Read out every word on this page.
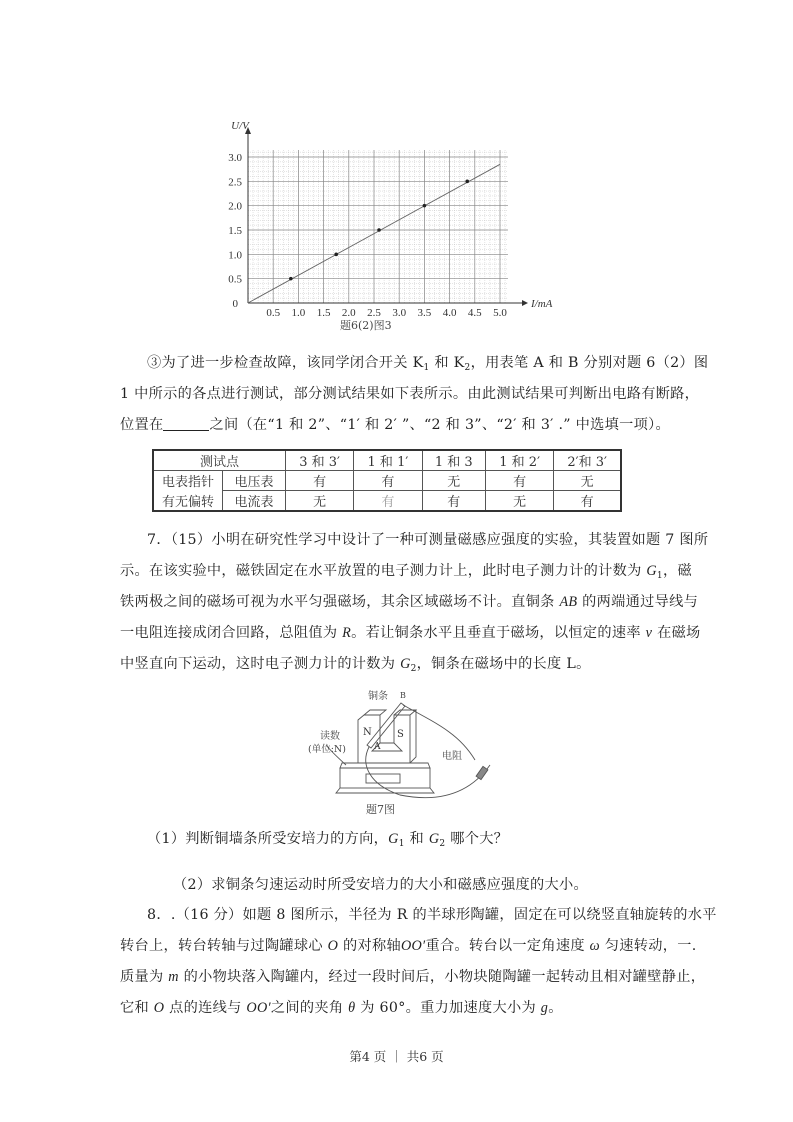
0.5 1.0 1.5 2.0 2.5 3.0 3.5 4.0 4.5 5.0
0.5
1.0
1.5
2.0
2.5
3.0
0	I/mA
U/V
题6(2)图3
③为了进一步检查故障，该同学闭合开关 $K_1$ 和 $K_2$，用表笔 A 和 B 分别对题 6（2）图
1 中所示的各点进行测试，部分测试结果如下表所示。由此测试结果可判断出电路有断路，
位置在	之间（在“1 和 2”、“1′ 和 2′ ”、“2 和 3”、“2′ 和 3′ .” 中选填一项）。
测试点		3 和 3′	1 和 1′	1 和 3	1 和 2′	2′和 3′
电表指针	电压表	有	有	无	有	无
有无偏转	电流表	无	有	有	无	有
7．（15）小明在研究性学习中设计了一种可测量磁感应强度的实验，其装置如题 7 图所
示。在该实验中，磁铁固定在水平放置的电子测力计上，此时电子测力计的计数为 $G_1$，磁
铁两极之间的磁场可视为水平匀强磁场，其余区域磁场不计。直铜条 AB 的两端通过导线与
一电阻连接成闭合回路，总阻值为 R。若让铜条水平且垂直于磁场，以恒定的速率 v 在磁场
中竖直向下运动，这时电子测力计的计数为 $G_2$，铜条在磁场中的长度 L。
铜条 B
N	S
A
读数
(单位:N)
电阻
题7图
（1）判断铜墙条所受安培力的方向，$G_1$ 和 $G_2$ 哪个大？
（2）求铜条匀速运动时所受安培力的大小和磁感应强度的大小。
8．.（16 分）如题 8 图所示，半径为 R 的半球形陶罐，固定在可以绕竖直轴旋转的水平
转台上，转台转轴与过陶罐球心 O 的对称轴OO′重合。转台以一定角速度 ω 匀速转动，一.
质量为 m 的小物块落入陶罐内，经过一段时间后，小物块随陶罐一起转动且相对罐壁静止，
它和 O 点的连线与 OO′之间的夹角 θ 为 60°。重力加速度大小为 g。
第4 页 ｜ 共6 页
